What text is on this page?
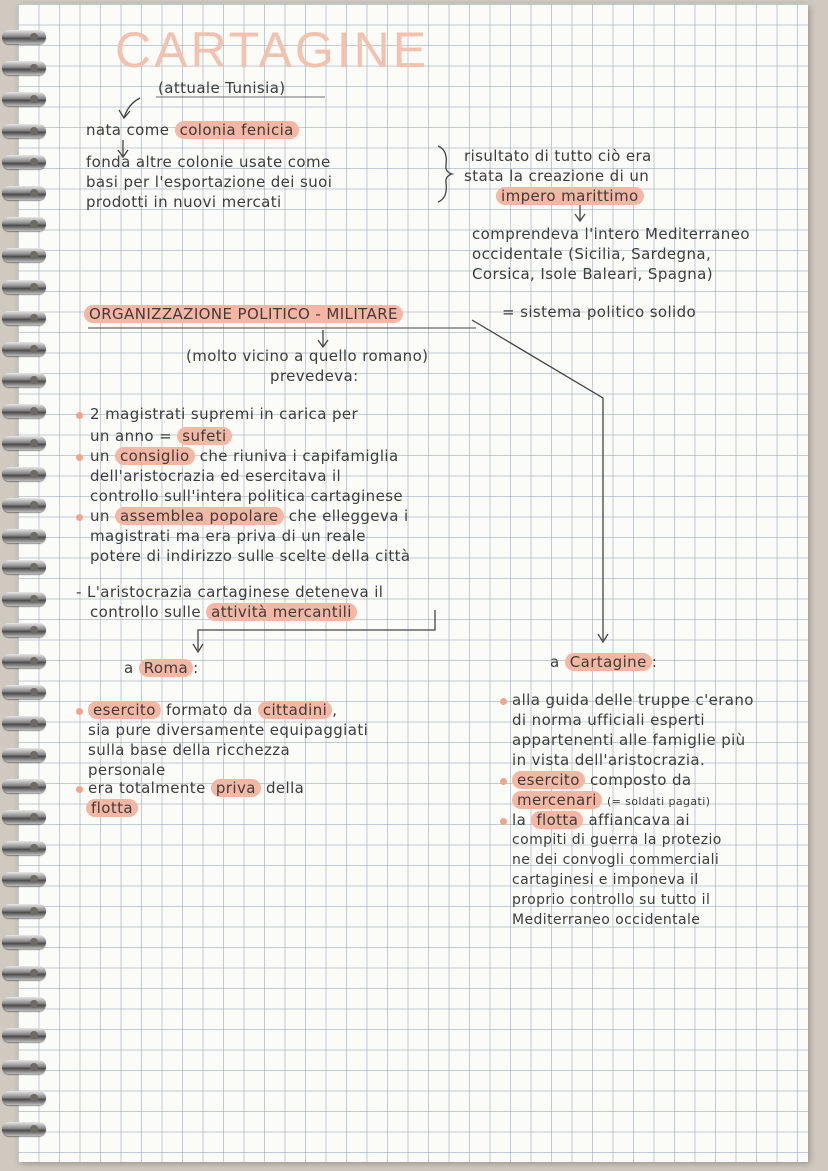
CARTAGINE
(attuale Tunisia)
nata come colonia fenicia
fonda altre colonie usate come
basi per l'esportazione dei suoi
prodotti in nuovi mercati
risultato di tutto ciò era
stata la creazione di un
impero marittimo
comprendeva l'intero Mediterraneo
occidentale (Sicilia, Sardegna,
Corsica, Isole Baleari, Spagna)
ORGANIZZAZIONE POLITICO - MILITARE	= sistema politico solido
(molto vicino a quello romano)
prevedeva:
2 magistrati supremi in carica per
un anno = sufeti
un consiglio che riuniva i capifamiglia
dell'aristocrazia ed esercitava il
controllo sull'intera politica cartaginese
un assemblea popolare che elleggeva i
magistrati ma era priva di un reale
potere di indirizzo sulle scelte della città
- L'aristocrazia cartaginese deteneva il
controllo sulle attività mercantili
a Roma :	a Cartagine :
esercito formato da cittadini ,
sia pure diversamente equipaggiati
sulla base della ricchezza
personale
era totalmente priva della
flotta
alla guida delle truppe c'erano
di norma ufficiali esperti
appartenenti alle famiglie più
in vista dell'aristocrazia.
esercito composto da
mercenari (= soldati pagati)
la flotta affiancava ai
compiti di guerra la protezio
ne dei convogli commerciali
cartaginesi e imponeva il
proprio controllo su tutto il
Mediterraneo occidentale
